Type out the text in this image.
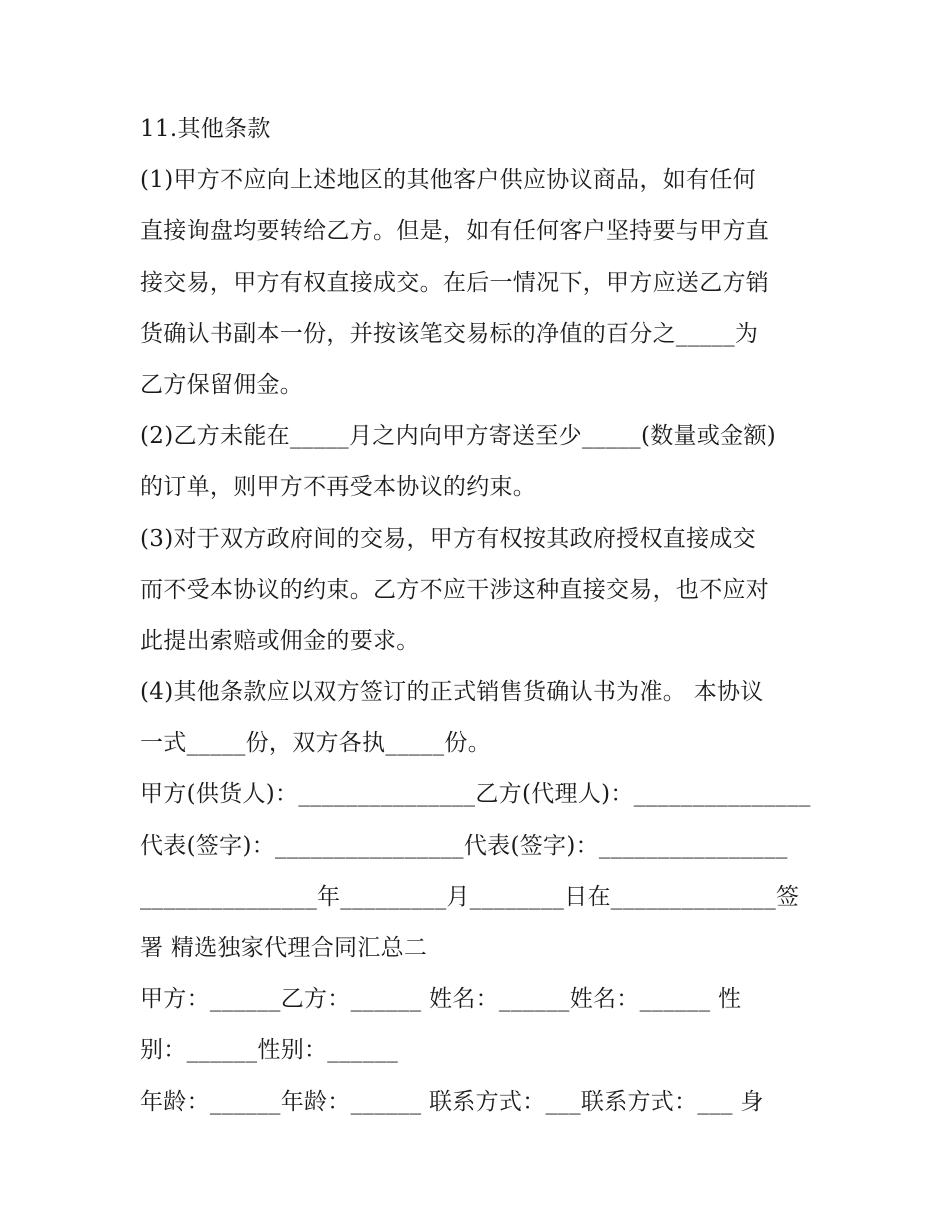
11.其他条款
(1)甲方不应向上述地区的其他客户供应协议商品，如有任何
直接询盘均要转给乙方。但是，如有任何客户坚持要与甲方直
接交易，甲方有权直接成交。在后一情况下，甲方应送乙方销
货确认书副本一份，并按该笔交易标的净值的百分之_____为
乙方保留佣金。
(2)乙方未能在_____月之内向甲方寄送至少_____(数量或金额)
的订单，则甲方不再受本协议的约束。
(3)对于双方政府间的交易，甲方有权按其政府授权直接成交
而不受本协议的约束。乙方不应干涉这种直接交易，也不应对
此提出索赔或佣金的要求。
(4)其他条款应以双方签订的正式销售货确认书为准。 本协议
一式_____份，双方各执_____份。
甲方(供货人)：_______________乙方(代理人)：_______________
代表(签字)：________________代表(签字)：________________
_______________年_________月________日在______________签
署 精选独家代理合同汇总二
甲方：______乙方：______ 姓名：______姓名：______ 性
别：______性别：______
年龄：______年龄：______ 联系方式：___联系方式：___ 身
